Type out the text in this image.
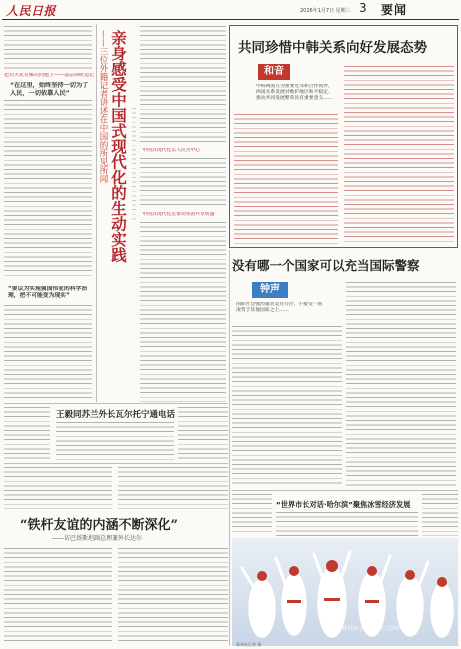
人民日报	2026年1月7日 星期三 3 要闻
把功夫花在解决问题上——基层调研追记
“在这里，始终坚持一切为了人民，一切依靠人民”
“要以为实现强国伟业的科学治理，把不可能变为现实”
——三位外籍记者讲述在中国的所见所闻 亲身感受中国式现代化的生动实践	“中国式现代化以人民为中心”
“中国式现代化是带动各国共享机遇”
共同珍惜中韩关系向好发展态势
和音
中韩两国互为重要近邻和合作伙伴，两国关系发展对维护地区和平稳定、推动共同发展繁荣具有重要意义……
没有哪一个国家可以充当国际警察
钟声
国际社会强烈谴责美方行径，不接受一国凌驾于其他国家之上……
王毅同苏兰外长瓦尔托宁通电话
“铁杆友谊的内涵不断深化”
——访巴基斯坦副总理兼外长达尔
“世界市长对话·哈尔滨”聚焦冰雪经济发展
data.people.com.cn
新华社记者 摄
